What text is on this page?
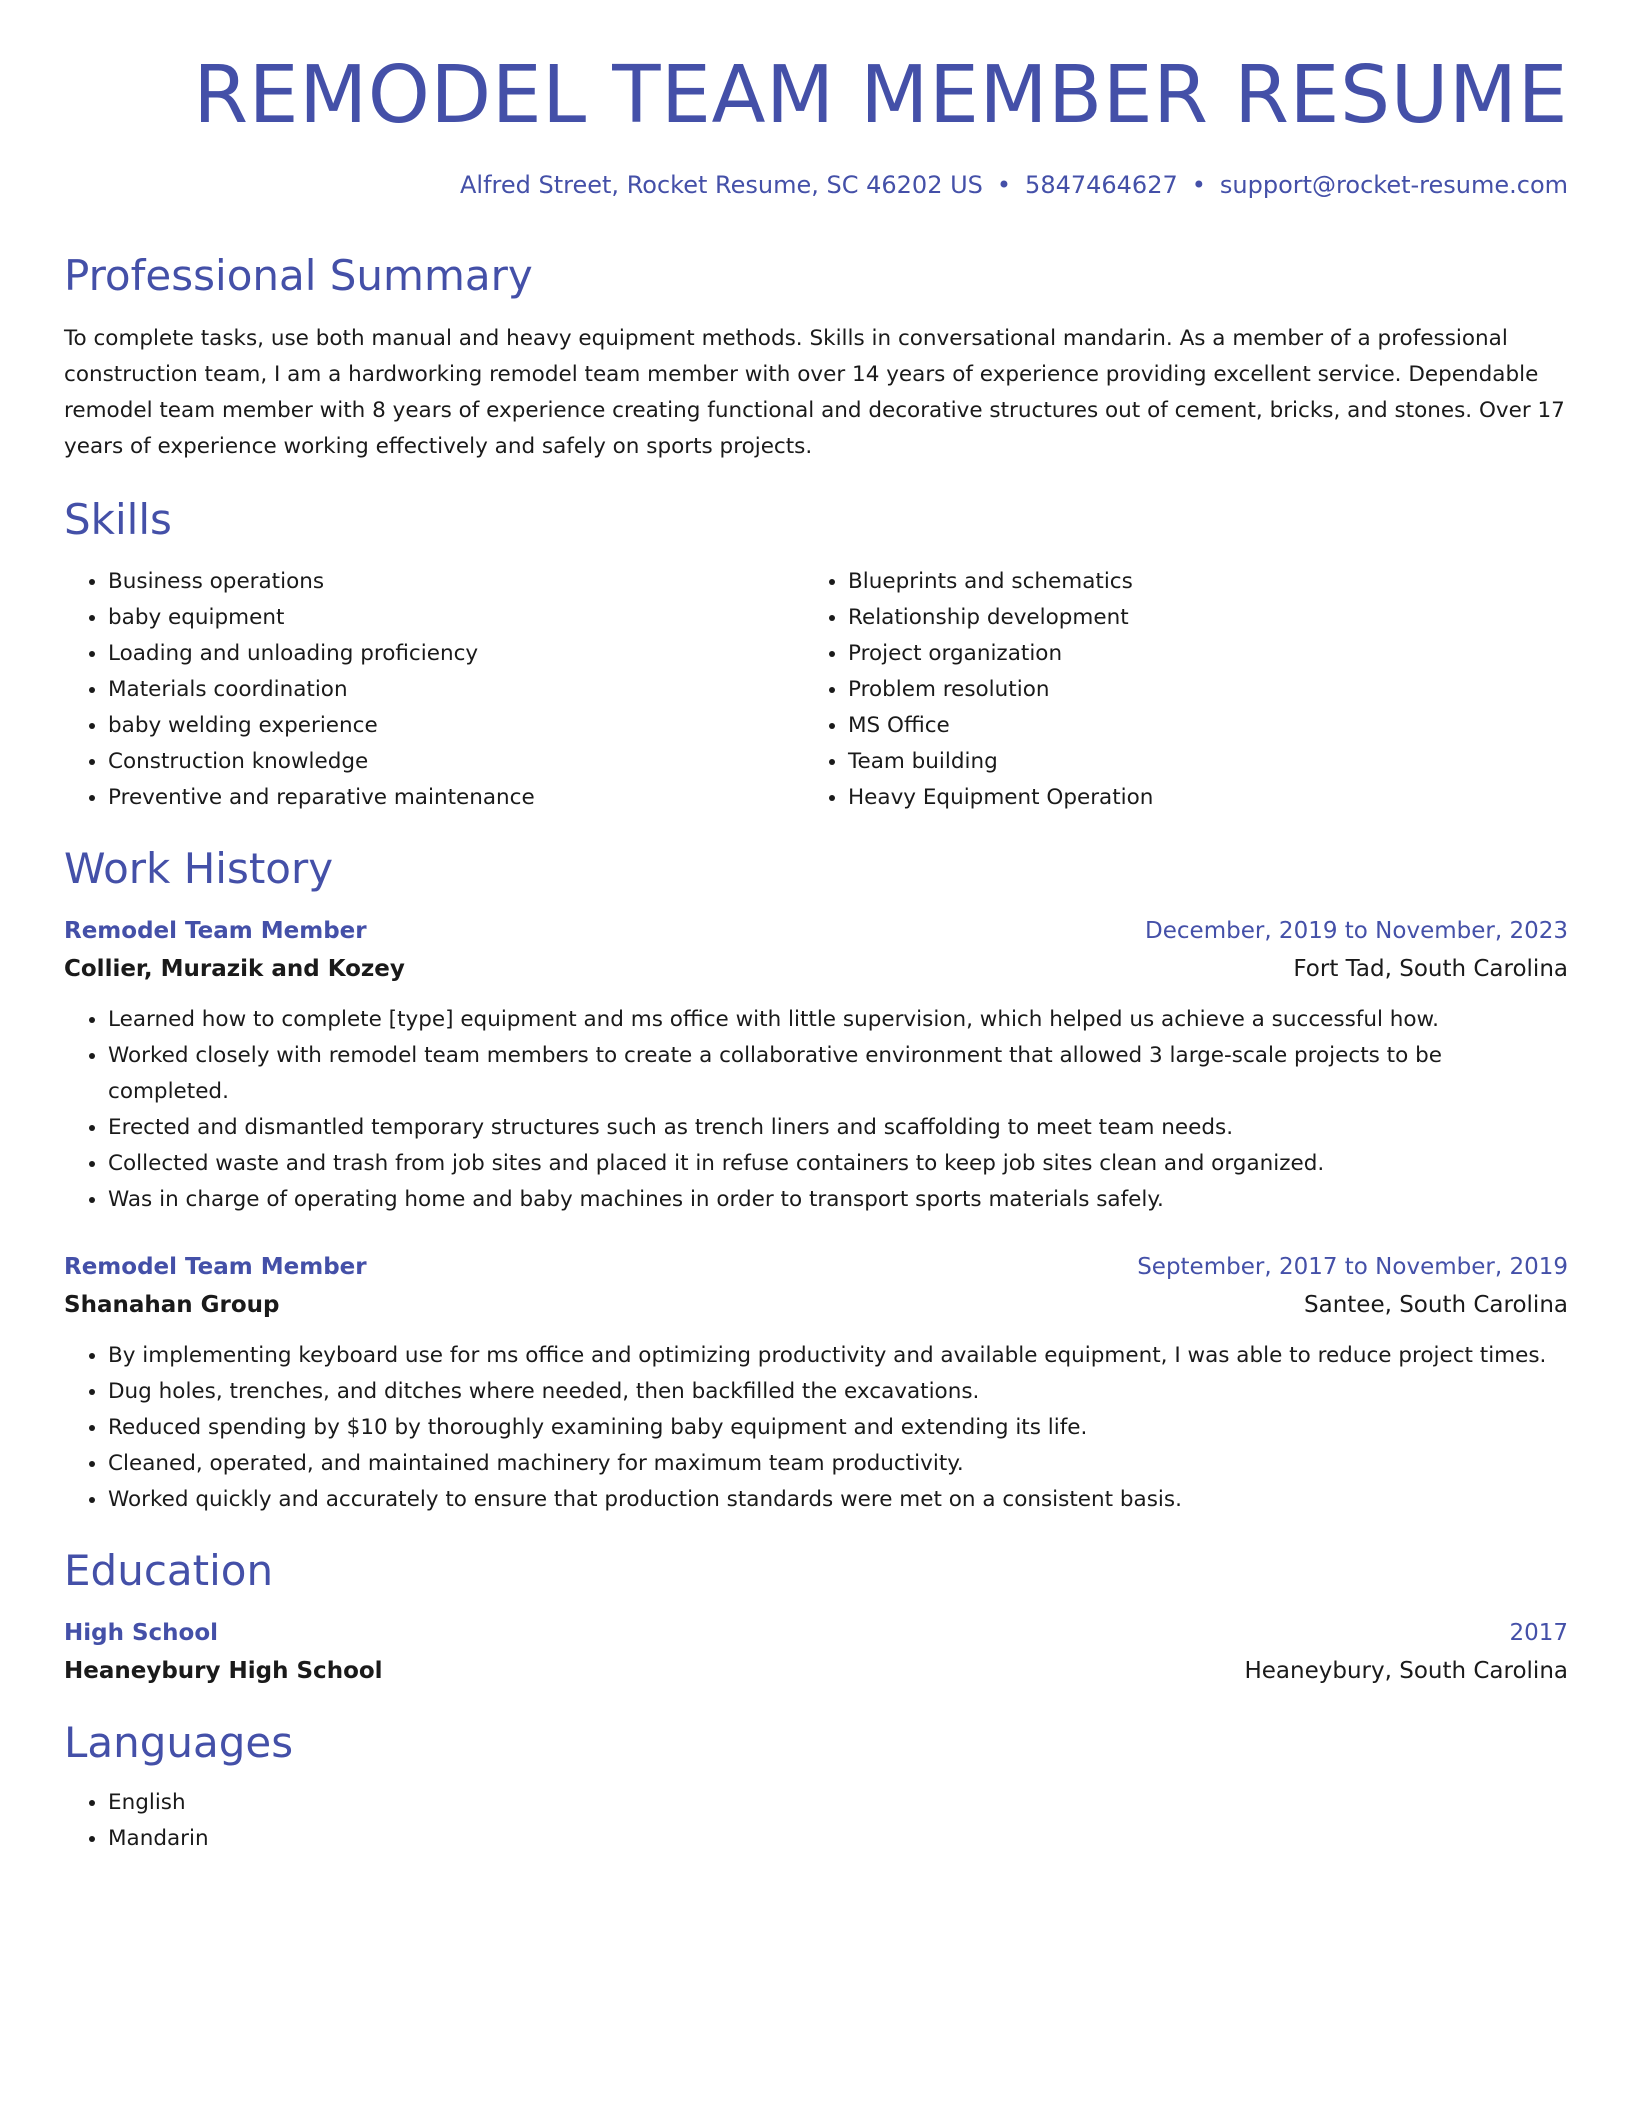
REMODEL TEAM MEMBER RESUME
Alfred Street, Rocket Resume, SC 46202 US • 5847464627 • support@rocket-resume.com
Professional Summary

To complete tasks, use both manual and heavy equipment methods. Skills in conversational mandarin. As a member of a professional construction team, I am a hardworking remodel team member with over 14 years of experience providing excellent service. Dependable remodel team member with 8 years of experience creating functional and decorative structures out of cement, bricks, and stones. Over 17 years of experience working effectively and safely on sports projects.

Skills
• Business operations
• baby equipment
• Loading and unloading proficiency
• Materials coordination
• baby welding experience
• Construction knowledge
• Preventive and reparative maintenance
• Blueprints and schematics
• Relationship development
• Project organization
• Problem resolution
• MS Office
• Team building
• Heavy Equipment Operation
Work History
Remodel Team Member	December, 2019 to November, 2023
Collier, Murazik and Kozey	Fort Tad, South Carolina
• Learned how to complete [type] equipment and ms office with little supervision, which helped us achieve a successful how.
• Worked closely with remodel team members to create a collaborative environment that allowed 3 large-scale projects to be completed.
• Erected and dismantled temporary structures such as trench liners and scaffolding to meet team needs.
• Collected waste and trash from job sites and placed it in refuse containers to keep job sites clean and organized.
• Was in charge of operating home and baby machines in order to transport sports materials safely.
Remodel Team Member	September, 2017 to November, 2019
Shanahan Group	Santee, South Carolina
• By implementing keyboard use for ms office and optimizing productivity and available equipment, I was able to reduce project times.
• Dug holes, trenches, and ditches where needed, then backfilled the excavations.
• Reduced spending by $10 by thoroughly examining baby equipment and extending its life.
• Cleaned, operated, and maintained machinery for maximum team productivity.
• Worked quickly and accurately to ensure that production standards were met on a consistent basis.
Education
High School	2017
Heaneybury High School	Heaneybury, South Carolina
Languages
• English
• Mandarin
